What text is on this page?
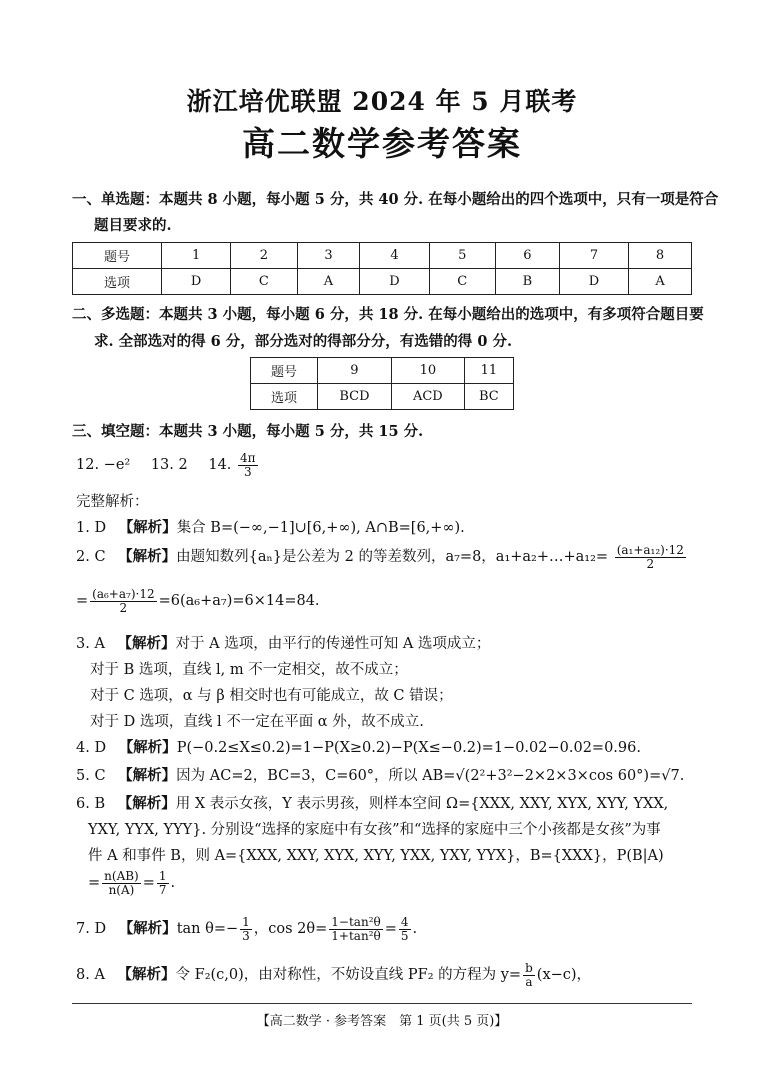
浙江培优联盟 2024 年 5 月联考
高二数学参考答案
一、单选题：本题共 8 小题，每小题 5 分，共 40 分. 在每小题给出的四个选项中，只有一项是符合
题目要求的.
题号	1	2	3	4	5	6	7	8
选项	D	C	A	D	C	B	D	A
二、多选题：本题共 3 小题，每小题 6 分，共 18 分. 在每小题给出的选项中，有多项符合题目要
求. 全部选对的得 6 分，部分选对的得部分分，有选错的得 0 分.
题号	9	10	11
选项	BCD	ACD	BC
三、填空题：本题共 3 小题，每小题 5 分，共 15 分.
12. −e² 13. 2 14. $\frac{4\pi}{3}$
完整解析：
1. D 【解析】集合 B=(−∞,−1]∪[6,+∞), A∩B=[6,+∞).
2. C 【解析】由题知数列{aₙ}是公差为 2 的等差数列，a₇=8，a₁+a₂+…+a₁₂= $\frac{\text{(a₁+a₁₂)·12}}{2}$
= $\frac{\text{(a₆+a₇)·12}}{2} =6(a_6+a_7)=6\times 14=84$.
3. A 【解析】对于 A 选项，由平行的传递性可知 A 选项成立；
对于 B 选项，直线 l, m 不一定相交，故不成立；
对于 C 选项，α 与 β 相交时也有可能成立，故 C 错误；
对于 D 选项，直线 l 不一定在平面 α 外，故不成立.
4. D 【解析】P(−0.2≤X≤0.2)=1−P(X≥0.2)−P(X≤−0.2)=1−0.02−0.02=0.96.
5. C 【解析】因为 AC=2，BC=3，C=60°，所以 AB=√(2²+3²−2×2×3×cos 60°)=√7.
6. B 【解析】用 X 表示女孩，Y 表示男孩，则样本空间 Ω={XXX, XXY, XYX, XYY, YXX,
YXY, YYX, YYY}. 分别设“选择的家庭中有女孩”和“选择的家庭中三个小孩都是女孩”为事
件 A 和事件 B，则 A={XXX, XXY, XYX, XYY, YXX, YXY, YYX}，B={XXX}，P(B|A)
= $\frac{n(AB)}{n(A)} = \frac{1}{7}$ .
7. D 【解析】$\tan \theta=- \frac{1}{3}$ ，$\cos 2\theta= \frac{\text{1−tan²θ}}{\text{1+tan²θ}} = \frac{4}{5}$ .
8. A 【解析】令 F₂(c,0)，由对称性，不妨设直线 PF₂ 的方程为 $y= \frac{b}{a} (x-c)$，
【高二数学 · 参考答案　第 1 页(共 5 页)】
